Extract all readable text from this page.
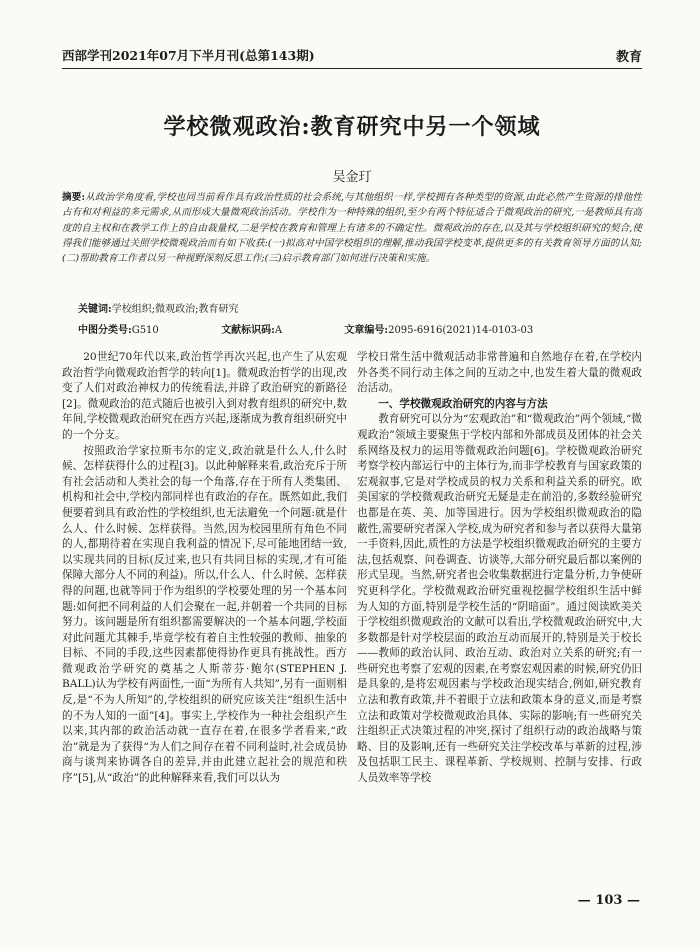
西部学刊2021年07月下半月刊(总第143期)	教育
学校微观政治:教育研究中另一个领域
吴金玎
摘要:从政治学角度看,学校也同当前看作具有政治性质的社会系统,与其他组织一样,学校拥有各种类型的资源,由此必然产生资源的排他性占有和对利益的多元需求,从而形成大量微观政治活动。学校作为一种特殊的组织,至少有两个特征适合于微观政治的研究,一是教师具有高度的自主权和在教学工作上的自由裁量权,二是学校在教育和管理上有诸多的不确定性。微观政治的存在,以及其与学校组织研究的契合,使得我们能够通过关照学校微观政治而有如下收获:(一)拟高对中国学校组织的理解,推动我国学校变革,提供更多的有关教育领导方面的认知;(二)帮助教育工作者以另一种视野深刻反思工作;(三)启示教育部门如何进行决策和实施。
关键词:学校组织;微观政治;教育研究
中图分类号:G510	文献标识码:A	文章编号:2095-6916(2021)14-0103-03

20世纪70年代以来,政治哲学再次兴起,也产生了从宏观政治哲学向微观政治哲学的转向[1]。微观政治哲学的出现,改变了人们对政治神权力的传统看法,并辟了政治研究的新路径[2]。微观政治的范式随后也被引入到对教育组织的研究中,数年间,学校微观政治研究在西方兴起,逐渐成为教育组织研究中的一个分支。

按照政治学家拉斯韦尔的定义,政治就是什么人,什么时候、怎样获得什么的过程[3]。以此种解释来看,政治充斥于所有社会活动和人类社会的每一个角落,存在于所有人类集团、机构和社会中,学校内部同样也有政治的存在。既然如此,我们便要着到具有政治性的学校组织,也无法避免一个问题:就是什么人、什么时候、怎样获得。当然,因为校园里所有角色不同的人,都期待着在实现自我利益的情况下,尽可能地团结一致,以实现共同的目标(反过来,也只有共同目标的实现,才有可能保障大部分人不同的利益)。所以,什么人、什么时候、怎样获得的问题,也就等同于作为组织的学校要处理的另一个基本问题:如何把不同利益的人们会聚在一起,并朝着一个共同的目标努力。该问题是所有组织都需要解决的一个基本问题,学校面对此问题尤其棘手,毕竟学校有着自主性较强的教师、抽象的目标、不同的手段,这些因素都使得协作更具有挑战性。西方微观政治学研究的奠基之人斯蒂芬·鲍尔(STEPHEN J. BALL)认为学校有两面性,一面“为所有人共知”,另有一面则相反,是“不为人所知”的,学校组织的研究应该关注“组织生活中的不为人知的一面”[4]。事实上,学校作为一种社会组织产生以来,其内部的政治活动就一直存在着,在很多学者看来,“政治”就是为了获得“为人们之间存在着不同利益时,社会成员协商与谈判来协调各自的差异,并由此建立起社会的规范和秩序”[5],从“政治”的此种解释来看,我们可以认为

学校日常生活中微观活动非常普遍和自然地存在着,在学校内外各类不同行动主体之间的互动之中,也发生着大量的微观政治活动。

一、学校微观政治研究的内容与方法

教育研究可以分为“宏观政治”和“微观政治”两个领域,“微观政治”领域主要聚焦于学校内部和外部成员及团体的社会关系网络及权力的运用等微观政治问题[6]。学校微观政治研究考察学校内部运行中的主体行为,而非学校教育与国家政策的宏观叙事,它是对学校成员的权力关系和利益关系的研究。欧美国家的学校微观政治研究无疑是走在前沿的,多数经验研究也都是在英、美、加等国进行。因为学校组织微观政治的隐蔽性,需要研究者深入学校,成为研究者和参与者以获得大量第一手资料,因此,质性的方法是学校组织微观政治研究的主要方法,包括观察、问卷调查、访谈等,大部分研究最后都以案例的形式呈现。当然,研究者也会收集数据进行定量分析,力争使研究更科学化。学校微观政治研究重视挖掘学校组织生活中鲜为人知的方面,特别是学校生活的“阴暗面”。通过阅读欧美关于学校组织微观政治的文献可以看出,学校微观政治研究中,大多数都是针对学校层面的政治互动而展开的,特别是关于校长——教师的政治认同、政治互动、政治对立关系的研究;有一些研究也考察了宏观的因素,在考察宏观因素的时候,研究仍旧是具象的,是将宏观因素与学校政治现实结合,例如,研究教育立法和教育政策,并不着眼于立法和政策本身的意义,而是考察立法和政策对学校微观政治具体、实际的影响;有一些研究关注组织正式决策过程的冲突,探讨了组织行动的政治战略与策略、目的及影响,还有一些研究关注学校改革与革新的过程,涉及包括职工民主、课程革新、学校规则、控制与安排、行政人员效率等学校

— 103 —
